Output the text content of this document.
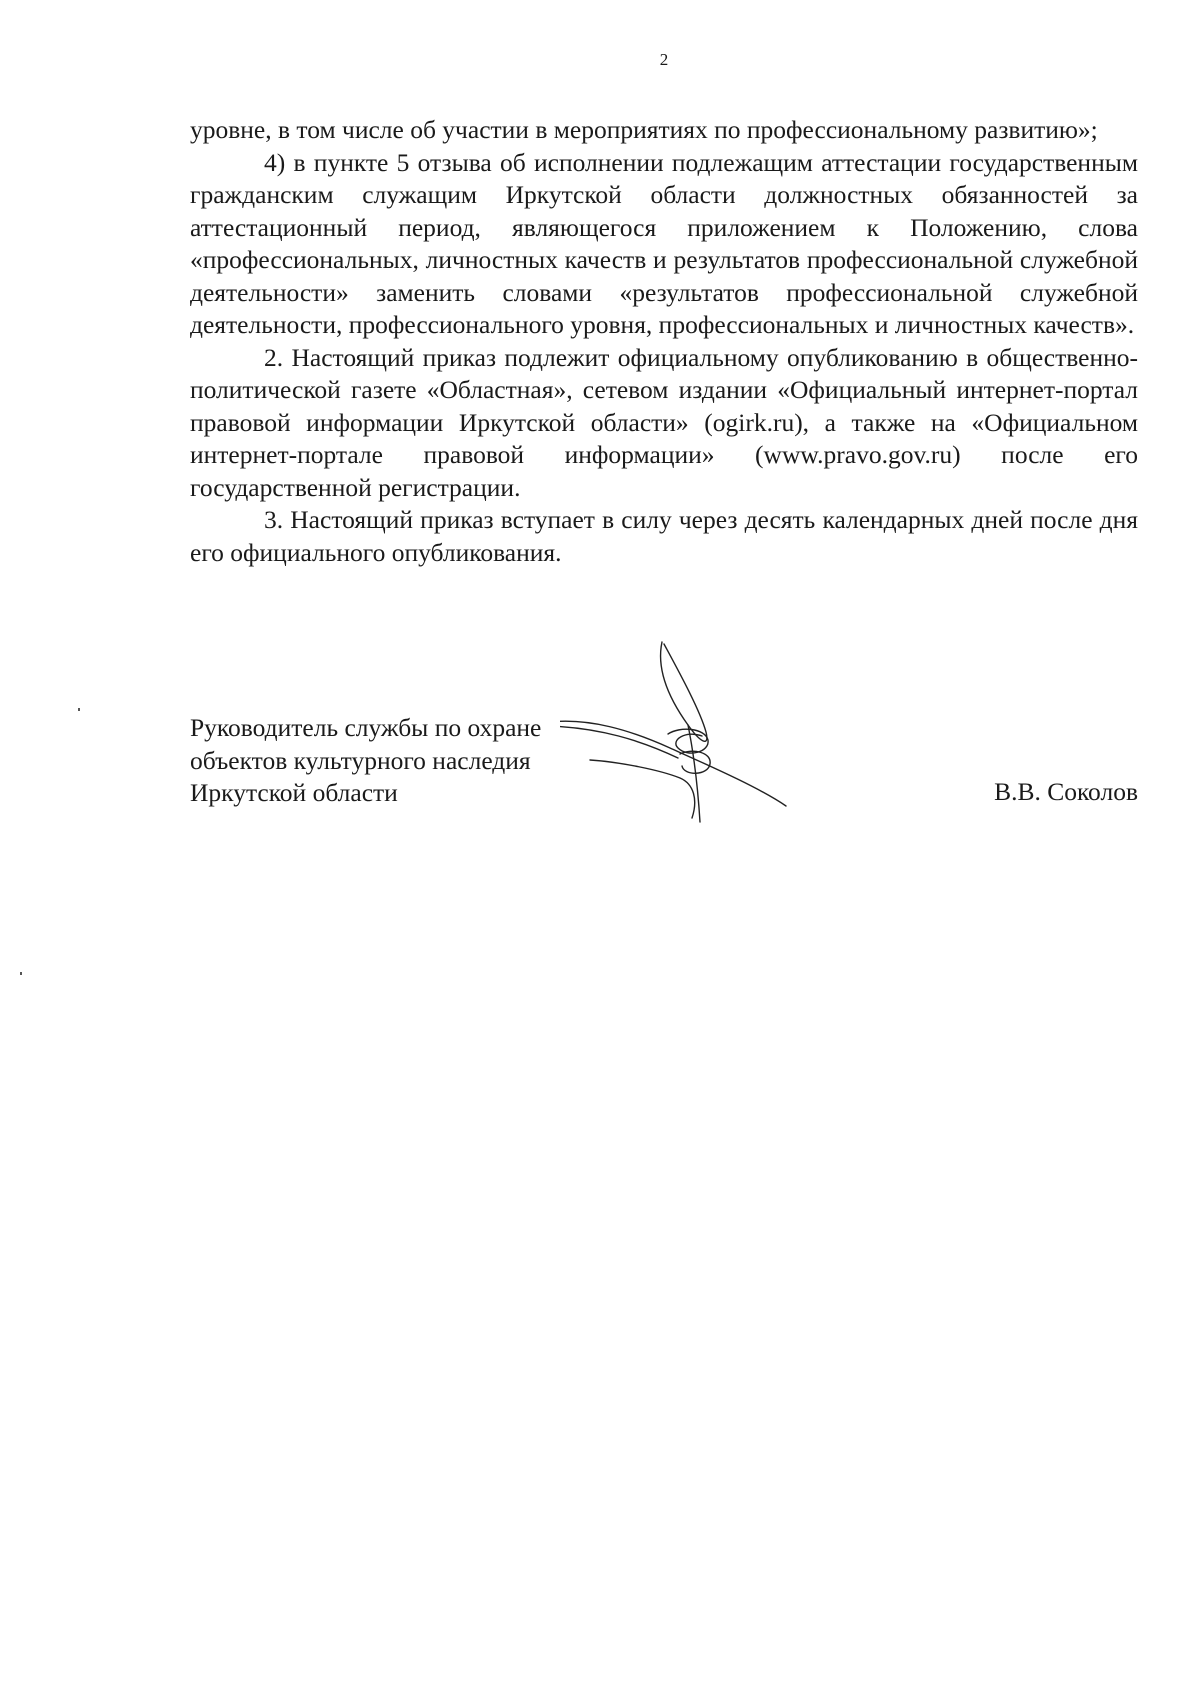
2

уровне, в том числе об участии в мероприятиях по профессиональному развитию»;

4) в пункте 5 отзыва об исполнении подлежащим аттестации государственным гражданским служащим Иркутской области должностных обязанностей за аттестационный период, являющегося приложением к Положению, слова «профессиональных, личностных качеств и результатов профессиональной служебной деятельности» заменить словами «результатов профессиональной служебной деятельности, профессионального уровня, профессиональных и личностных качеств».

2. Настоящий приказ подлежит официальному опубликованию в общественно-политической газете «Областная», сетевом издании «Официальный интернет-портал правовой информации Иркутской области» (ogirk.ru), а также на «Официальном интернет-портале правовой информации» (www.pravo.gov.ru) после его государственной регистрации.

3. Настоящий приказ вступает в силу через десять календарных дней после дня его официального опубликования.

Руководитель службы по охране
объектов культурного наследия
Иркутской области	В.В. Соколов
